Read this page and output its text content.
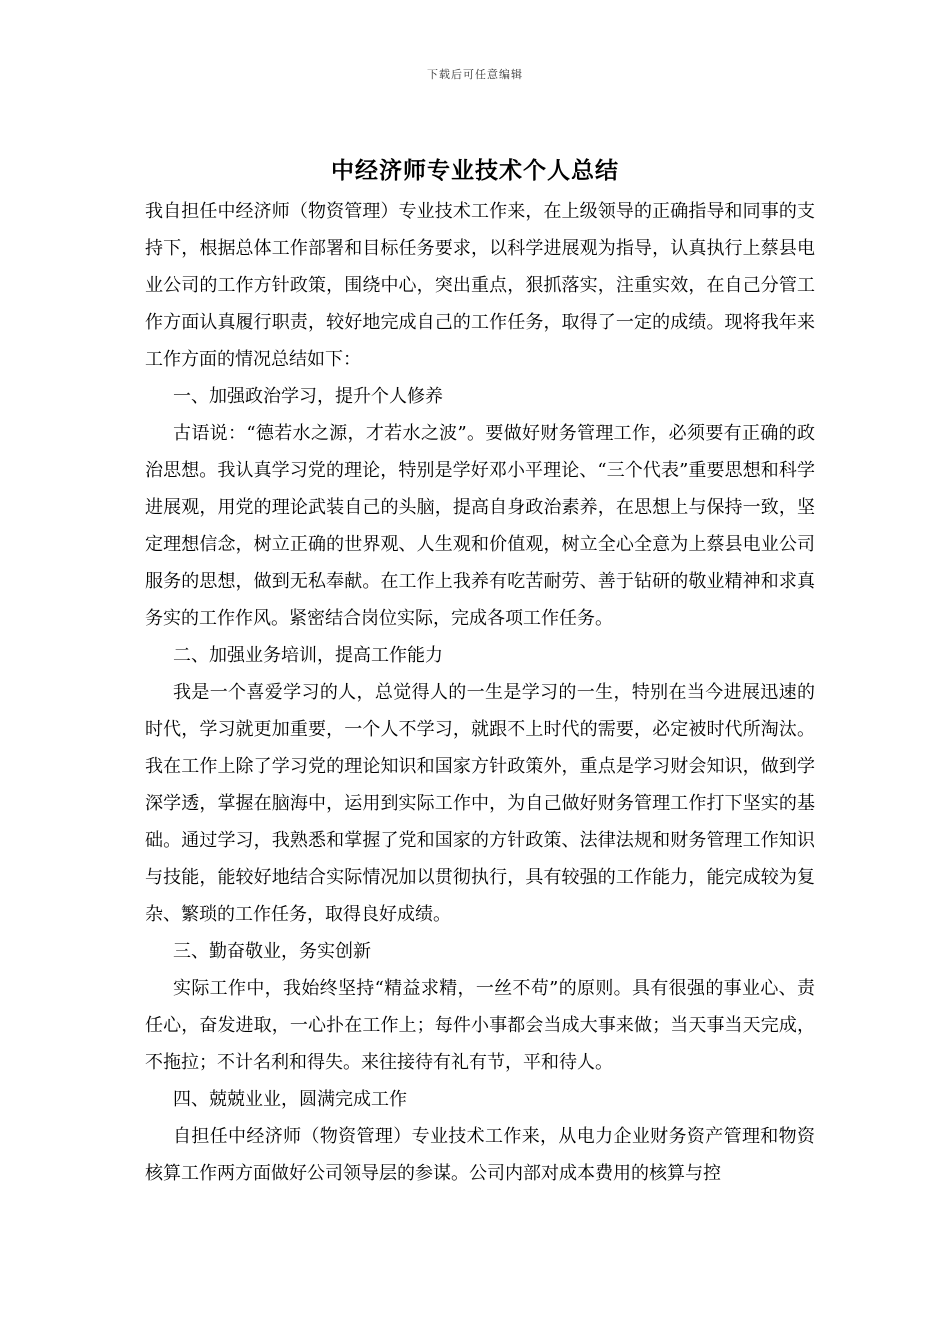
下载后可任意编辑
中经济师专业技术个人总结

我自担任中经济师（物资管理）专业技术工作来，在上级领导的正确指导和同事的支持下，根据总体工作部署和目标任务要求，以科学进展观为指导，认真执行上蔡县电业公司的工作方针政策，围绕中心，突出重点，狠抓落实，注重实效，在自己分管工作方面认真履行职责，较好地完成自己的工作任务，取得了一定的成绩。现将我年来工作方面的情况总结如下：

一、加强政治学习，提升个人修养

古语说：“德若水之源，才若水之波”。要做好财务管理工作，必须要有正确的政治思想。我认真学习党的理论，特别是学好邓小平理论、“三个代表”重要思想和科学进展观，用党的理论武装自己的头脑，提高自身政治素养，在思想上与保持一致，坚定理想信念，树立正确的世界观、人生观和价值观，树立全心全意为上蔡县电业公司服务的思想，做到无私奉献。在工作上我养有吃苦耐劳、善于钻研的敬业精神和求真务实的工作作风。紧密结合岗位实际，完成各项工作任务。

二、加强业务培训，提高工作能力

我是一个喜爱学习的人，总觉得人的一生是学习的一生，特别在当今进展迅速的时代，学习就更加重要，一个人不学习，就跟不上时代的需要，必定被时代所淘汰。我在工作上除了学习党的理论知识和国家方针政策外，重点是学习财会知识，做到学深学透，掌握在脑海中，运用到实际工作中，为自己做好财务管理工作打下坚实的基础。通过学习，我熟悉和掌握了党和国家的方针政策、法律法规和财务管理工作知识与技能，能较好地结合实际情况加以贯彻执行，具有较强的工作能力，能完成较为复杂、繁琐的工作任务，取得良好成绩。

三、勤奋敬业，务实创新

实际工作中，我始终坚持“精益求精，一丝不苟”的原则。具有很强的事业心、责任心，奋发进取，一心扑在工作上；每件小事都会当成大事来做；当天事当天完成，不拖拉；不计名利和得失。来往接待有礼有节，平和待人。

四、兢兢业业，圆满完成工作

自担任中经济师（物资管理）专业技术工作来，从电力企业财务资产管理和物资核算工作两方面做好公司领导层的参谋。公司内部对成本费用的核算与控
